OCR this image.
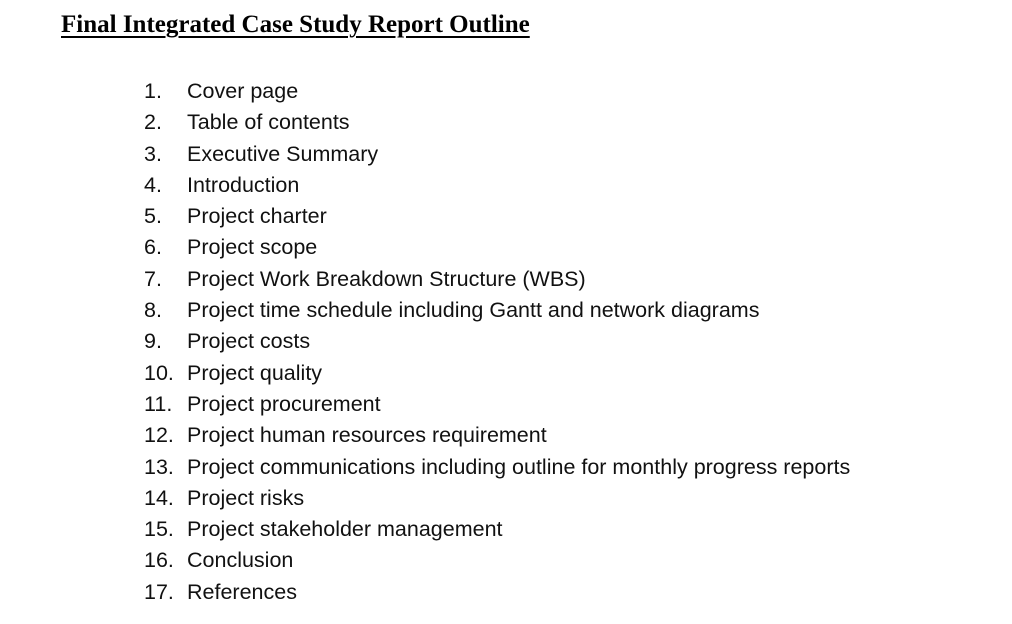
Final Integrated Case Study Report Outline
1.	Cover page
2.	Table of contents
3.	Executive Summary
4.	Introduction
5.	Project charter
6.	Project scope
7.	Project Work Breakdown Structure (WBS)
8.	Project time schedule including Gantt and network diagrams
9.	Project costs
10. Project quality
11. Project procurement
12. Project human resources requirement
13. Project communications including outline for monthly progress reports
14. Project risks
15. Project stakeholder management
16. Conclusion
17. References
